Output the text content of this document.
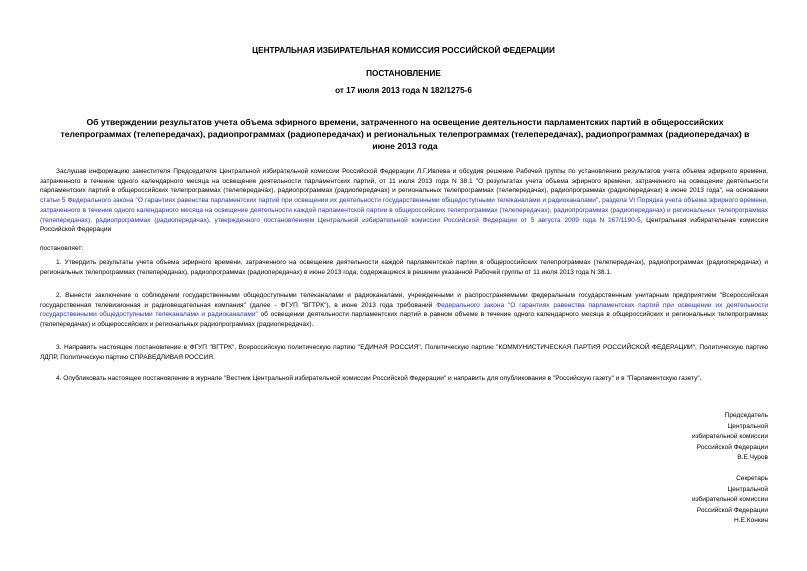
ЦЕНТРАЛЬНАЯ ИЗБИРАТЕЛЬНАЯ КОМИССИЯ РОССИЙСКОЙ ФЕДЕРАЦИИ
ПОСТАНОВЛЕНИЕ
от 17 июля 2013 года N 182/1275-6
Об утверждении результатов учета объема эфирного времени, затраченного на освещение деятельности парламентских партий в общероссийских телепрограммах (телепередачах), радиопрограммах (радиопередачах) и региональных телепрограммах (телепередачах), радиопрограммах (радиопередачах) в июне 2013 года
Заслушав информацию заместителя Председателя Центральной избирательной комиссии Российской Федерации Л.Г.Ивлева и обсудив решение Рабочей группы по установлению результатов учета объема эфирного времени, затраченного в течение одного календарного месяца на освещение деятельности парламентских партий, от 11 июля 2013 года N 38.1 "О результатах учета объема эфирного времени, затраченного на освещение деятельности парламентских партий в общероссийских телепрограммах (телепередачах), радиопрограммах (радиопередачах) и региональных телепрограммах (телепередачах), радиопрограммах (радиопередачах) в июне 2013 года", на основании статьи 5 Федерального закона "О гарантиях равенства парламентских партий при освещении их деятельности государственными общедоступными телеканалами и радиоканалами", раздела VI Порядка учета объема эфирного времени, затраченного в течение одного календарного месяца на освещение деятельности каждой парламентской партии в общероссийских телепрограммах (телепередачах), радиопрограммах (радиопередачах) и региональных телепрограммах (телепередачах), радиопрограммах (радиопередачах), утвержденного постановлением Центральной избирательной комиссии Российской Федерации от 5 августа 2009 года N 167/1190-5, Центральная избирательная комиссия Российской Федерации
постановляет:
1. Утвердить результаты учета объема эфирного времени, затраченного на освещение деятельности каждой парламентской партии в общероссийских телепрограммах (телепередачах), радиопрограммах (радиопередачах) и региональных телепрограммах (телепередачах), радиопрограммах (радиопередачах) в июне 2013 года, содержащиеся в решении указанной Рабочей группы от 11 июля 2013 года N 38.1.
2. Вынести заключение о соблюдении государственными общедоступными телеканалами и радиоканалами, учрежденными и распространяемыми федеральным государственным унитарным предприятием "Всероссийская государственная телевизионная и радиовещательная компания" (далее - ФГУП "ВГТРК"), в июне 2013 года требований Федерального закона "О гарантиях равенства парламентских партий при освещении их деятельности государственными общедоступными телеканалами и радиоканалами" об освещении деятельности парламентских партий в равном объеме в течение одного календарного месяца в общероссийских и региональных телепрограммах (телепередачах) и общероссийских и региональных радиопрограммах (радиопередачах).
3. Направить настоящее постановление в ФГУП "ВГТРК", Всероссийскую политическую партию "ЕДИНАЯ РОССИЯ", Политическую партию "КОММУНИСТИЧЕСКАЯ ПАРТИЯ РОССИЙСКОЙ ФЕДЕРАЦИИ", Политическую партию ЛДПР, Политическую партию СПРАВЕДЛИВАЯ РОССИЯ.
4. Опубликовать настоящее постановление в журнале "Вестник Центральной избирательной комиссии Российской Федерации" и направить для опубликования в "Российскую газету" и в "Парламентскую газету".
Председатель
Центральной
избирательной комиссии
Российской Федерации
В.Е.Чуров
Секретарь
Центральной
избирательной комиссии
Российской Федерации
Н.Е.Конкин
